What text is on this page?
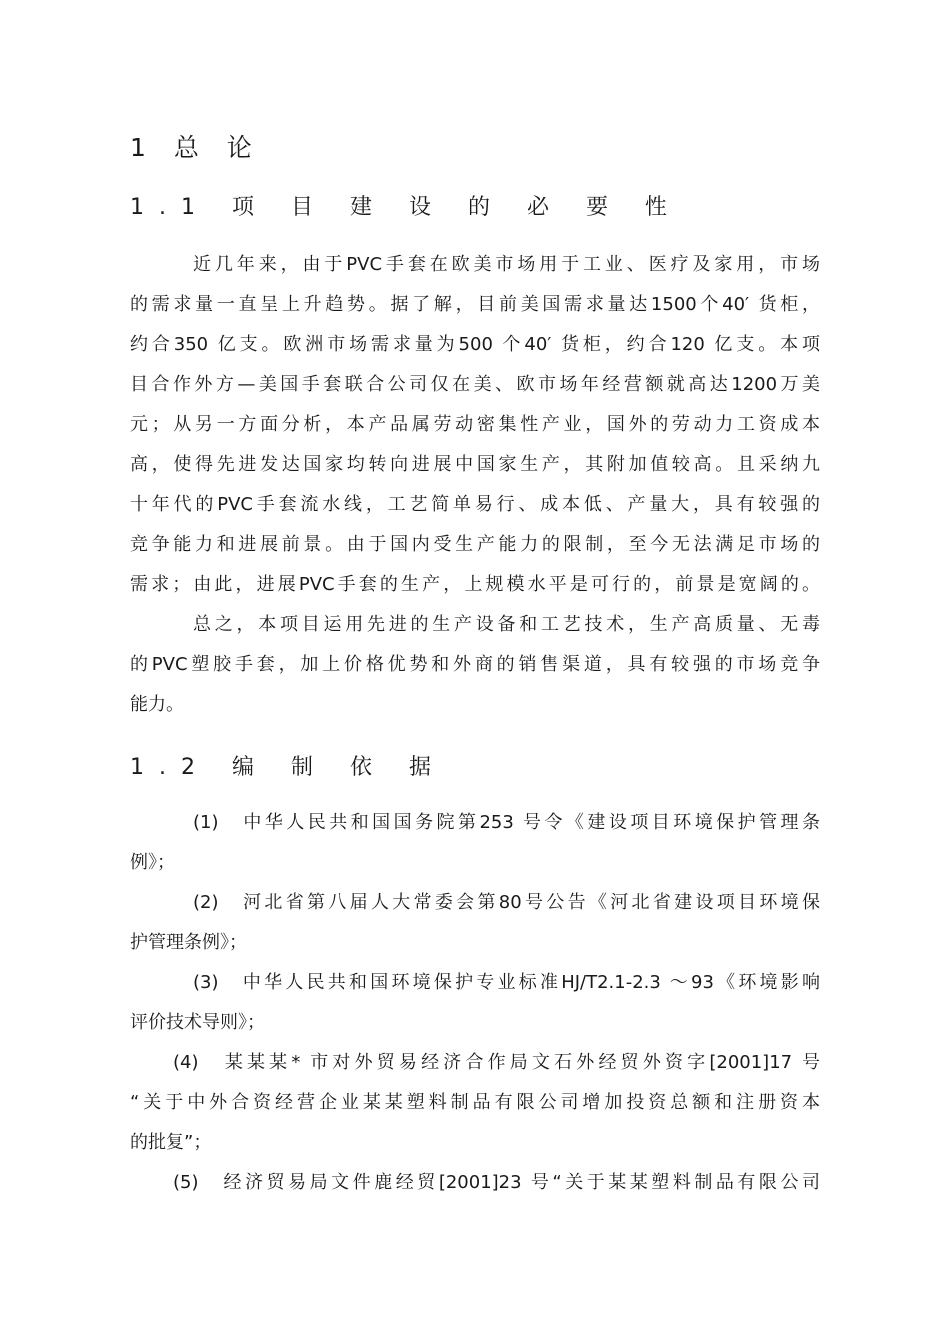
1 总 论
1.1 项 目 建 设 的 必 要 性
近几年来，由于PVC手套在欧美市场用于工业、医疗及家用，市场
的需求量一直呈上升趋势。据了解，目前美国需求量达1500个40′ 货柜，
约合350 亿支。欧洲市场需求量为500 个40′ 货柜，约合120 亿支。本项
目合作外方—美国手套联合公司仅在美、欧市场年经营额就高达1200万美
元；从另一方面分析，本产品属劳动密集性产业，国外的劳动力工资成本
高，使得先进发达国家均转向进展中国家生产，其附加值较高。且采纳九
十年代的PVC手套流水线，工艺简单易行、成本低、产量大，具有较强的
竞争能力和进展前景。由于国内受生产能力的限制，至今无法满足市场的
需求；由此，进展PVC手套的生产，上规模水平是可行的，前景是宽阔的。
总之，本项目运用先进的生产设备和工艺技术，生产高质量、无毒
的PVC塑胶手套，加上价格优势和外商的销售渠道，具有较强的市场竞争
能力。
1.2 编 制 依 据
(1)　中华人民共和国国务院第253 号令《建设项目环境保护管理条
例》；
(2)　河北省第八届人大常委会第80号公告《河北省建设项目环境保
护管理条例》；
(3)　中华人民共和国环境保护专业标准HJ/T2.1-2.3 ～93《环境影响
评价技术导则》；
(4)　某某某* 市对外贸易经济合作局文石外经贸外资字[2001]17 号
“关于中外合资经营企业某某塑料制品有限公司增加投资总额和注册资本
的批复”；
(5)　经济贸易局文件鹿经贸[2001]23 号“关于某某塑料制品有限公司
